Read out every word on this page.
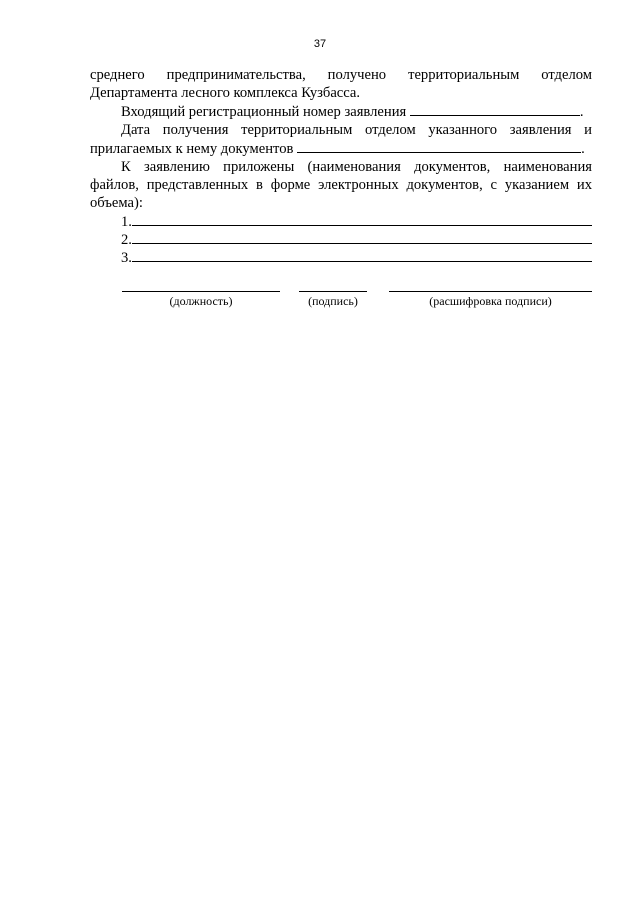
37

среднего предпринимательства, получено территориальным отделом Департамента лесного комплекса Кузбасса.

Входящий регистрационный номер заявления	.

Дата получения территориальным отделом указанного заявления и прилагаемых к нему документов	.

К заявлению приложены (наименования документов, наименования файлов, представленных в форме электронных документов, с указанием их объема):

1.
2.
3.
(должность)	(подпись)	(расшифровка подписи)
